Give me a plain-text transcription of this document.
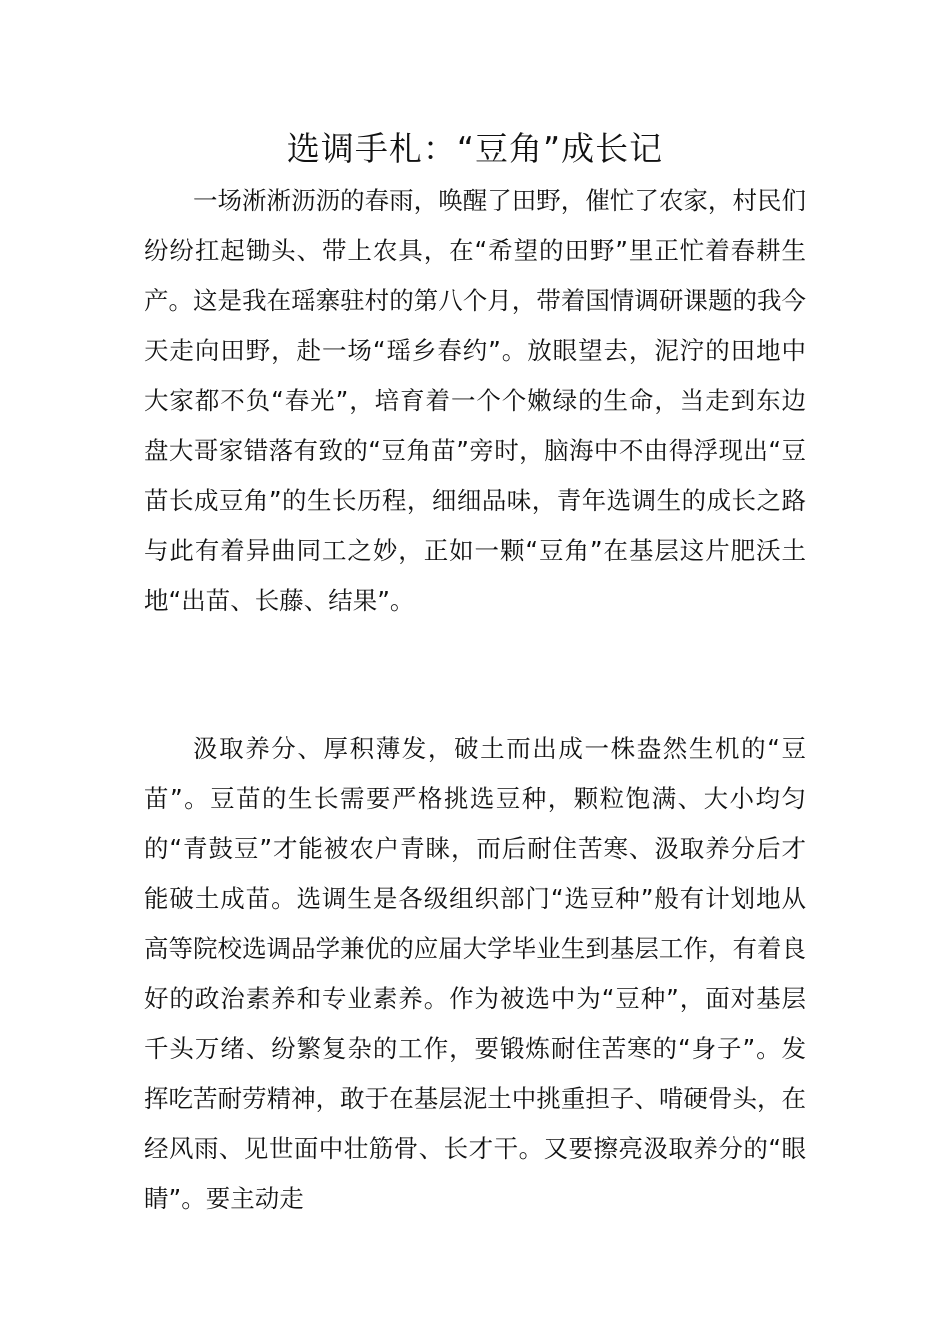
选调手札：“豆角”成长记

一场淅淅沥沥的春雨，唤醒了田野，催忙了农家，村民们纷纷扛起锄头、带上农具，在“希望的田野”里正忙着春耕生产。这是我在瑶寨驻村的第八个月，带着国情调研课题的我今天走向田野，赴一场“瑶乡春约”。放眼望去，泥泞的田地中大家都不负“春光”，培育着一个个嫩绿的生命，当走到东边盘大哥家错落有致的“豆角苗”旁时，脑海中不由得浮现出“豆苗长成豆角”的生长历程，细细品味，青年选调生的成长之路与此有着异曲同工之妙，正如一颗“豆角”在基层这片肥沃土地“出苗、长藤、结果”。

汲取养分、厚积薄发，破土而出成一株盎然生机的“豆苗”。豆苗的生长需要严格挑选豆种，颗粒饱满、大小均匀的“青鼓豆”才能被农户青睐，而后耐住苦寒、汲取养分后才能破土成苗。选调生是各级组织部门“选豆种”般有计划地从高等院校选调品学兼优的应届大学毕业生到基层工作，有着良好的政治素养和专业素养。作为被选中为“豆种”，面对基层千头万绪、纷繁复杂的工作，要锻炼耐住苦寒的“身子”。发挥吃苦耐劳精神，敢于在基层泥土中挑重担子、啃硬骨头，在经风雨、见世面中壮筋骨、长才干。又要擦亮汲取养分的“眼睛”。要主动走
